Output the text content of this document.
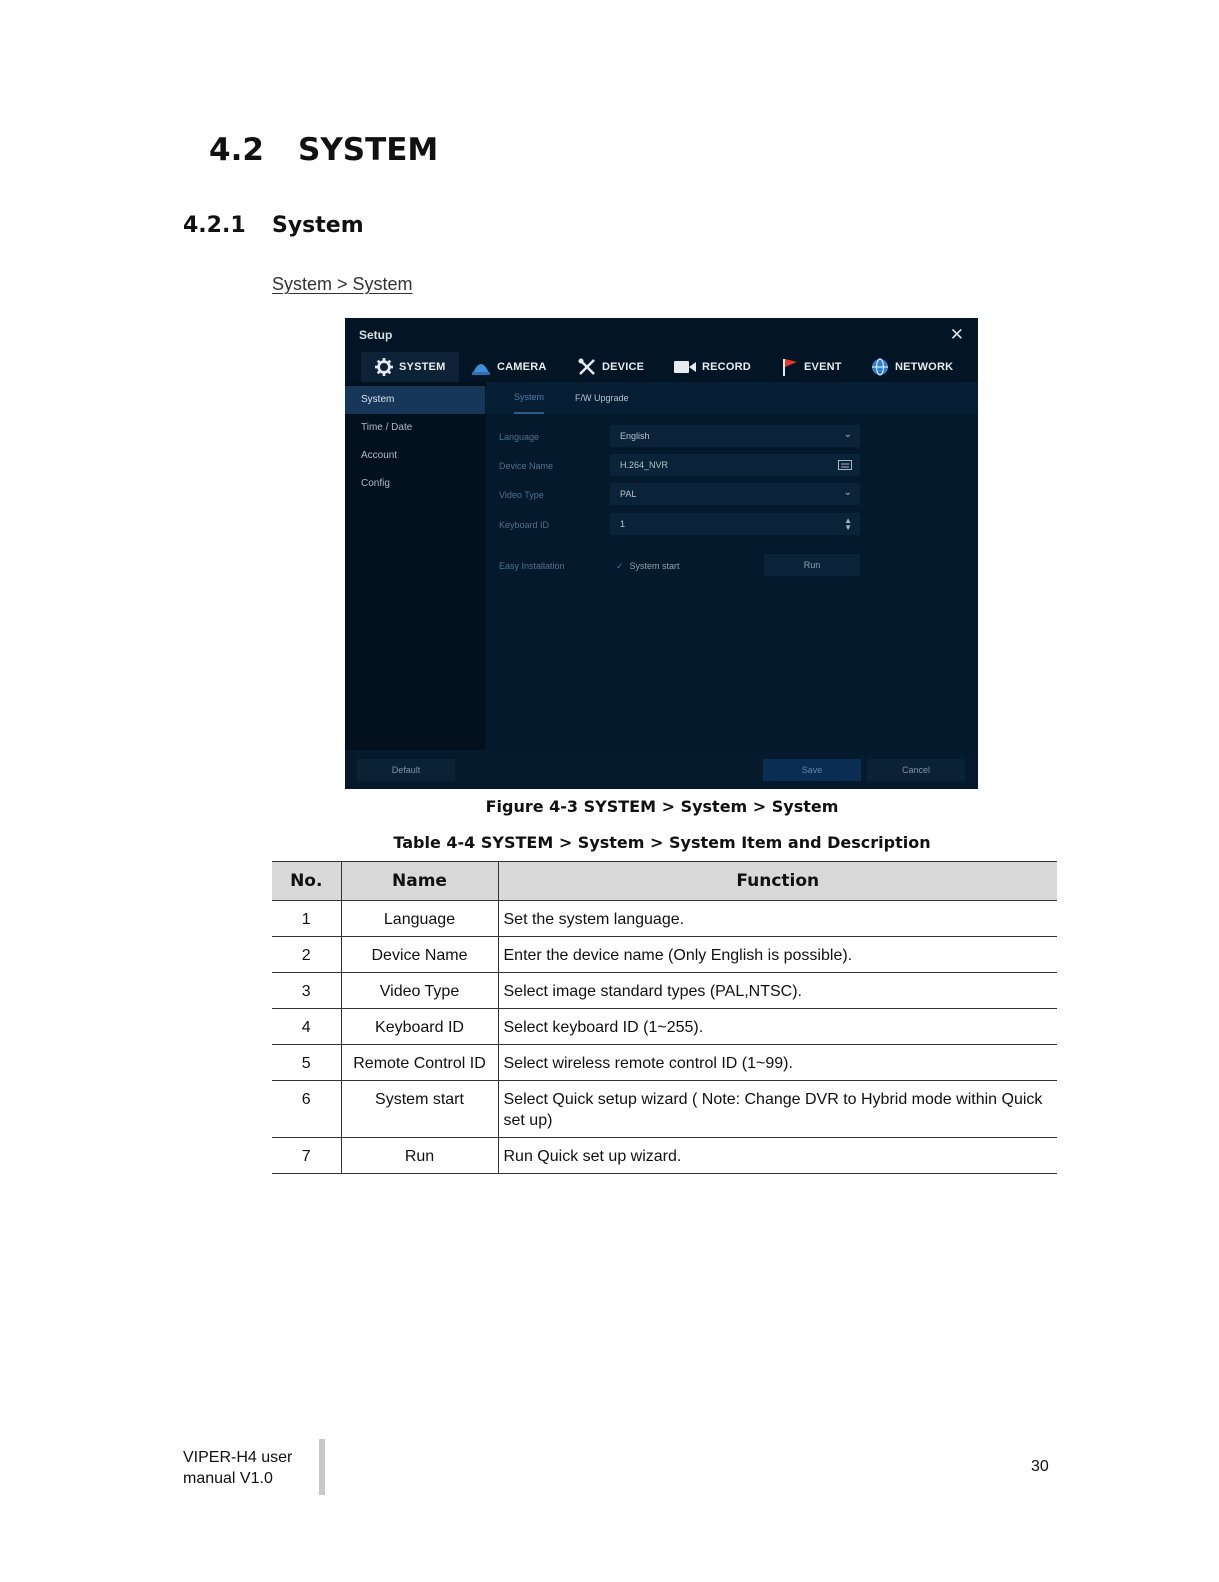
4.2 SYSTEM
4.2.1 System
System > System
Setup	✕
SYSTEM	CAMERA	DEVICE	RECORD	EVENT	NETWORK
System
Time / Date
Account
Config
System	F/W Upgrade
Language	English	⌄
Device Name	H.264_NVR
Video Type	PAL	⌄
Keyboard ID	1	▲
▼
Easy Installation	✓ System start	Run
Default	Save	Cancel
Figure 4-3 SYSTEM > System > System
Table 4-4 SYSTEM > System > System Item and Description
No.	Name	Function
1	Language	Set the system language.
2	Device Name	Enter the device name (Only English is possible).
3	Video Type	Select image standard types (PAL,NTSC).
4	Keyboard ID	Select keyboard ID (1~255).
5	Remote Control ID	Select wireless remote control ID (1~99).
6	System start	Select Quick setup wizard ( Note: Change DVR to Hybrid mode within Quick set up)
7	Run	Run Quick set up wizard.
VIPER-H4 user
manual V1.0
30
